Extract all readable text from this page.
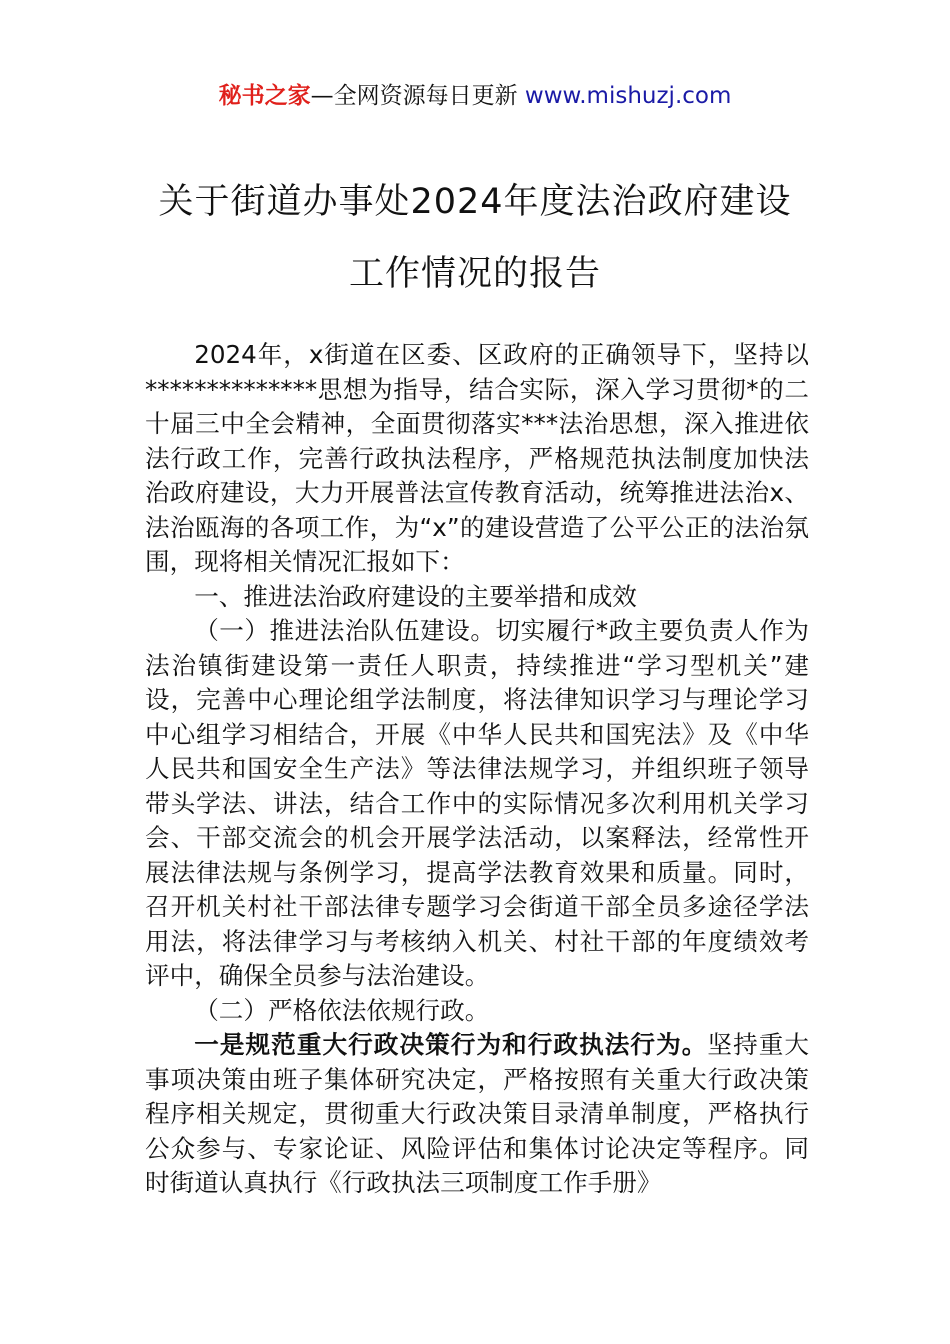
秘书之家—全网资源每日更新 www.mishuzj.com
关于街道办事处2024年度法治政府建设
工作情况的报告

2024年，x街道在区委、区政府的正确领导下，坚持以**************思想为指导，结合实际，深入学习贯彻*的二十届三中全会精神，全面贯彻落实***法治思想，深入推进依法行政工作，完善行政执法程序，严格规范执法制度加快法治政府建设，大力开展普法宣传教育活动，统筹推进法治x、法治瓯海的各项工作，为“x”的建设营造了公平公正的法治氛围，现将相关情况汇报如下：

一、推进法治政府建设的主要举措和成效

（一）推进法治队伍建设。切实履行*政主要负责人作为法治镇街建设第一责任人职责，持续推进“学习型机关”建设，完善中心理论组学法制度，将法律知识学习与理论学习中心组学习相结合，开展《中华人民共和国宪法》及《中华人民共和国安全生产法》等法律法规学习，并组织班子领导带头学法、讲法，结合工作中的实际情况多次利用机关学习会、干部交流会的机会开展学法活动，以案释法，经常性开展法律法规与条例学习，提高学法教育效果和质量。同时，召开机关村社干部法律专题学习会街道干部全员多途径学法用法，将法律学习与考核纳入机关、村社干部的年度绩效考评中，确保全员参与法治建设。

（二）严格依法依规行政。

一是规范重大行政决策行为和行政执法行为。坚持重大事项决策由班子集体研究决定，严格按照有关重大行政决策程序相关规定，贯彻重大行政决策目录清单制度，严格执行公众参与、专家论证、风险评估和集体讨论决定等程序。同时街道认真执行《行政执法三项制度工作手册》
